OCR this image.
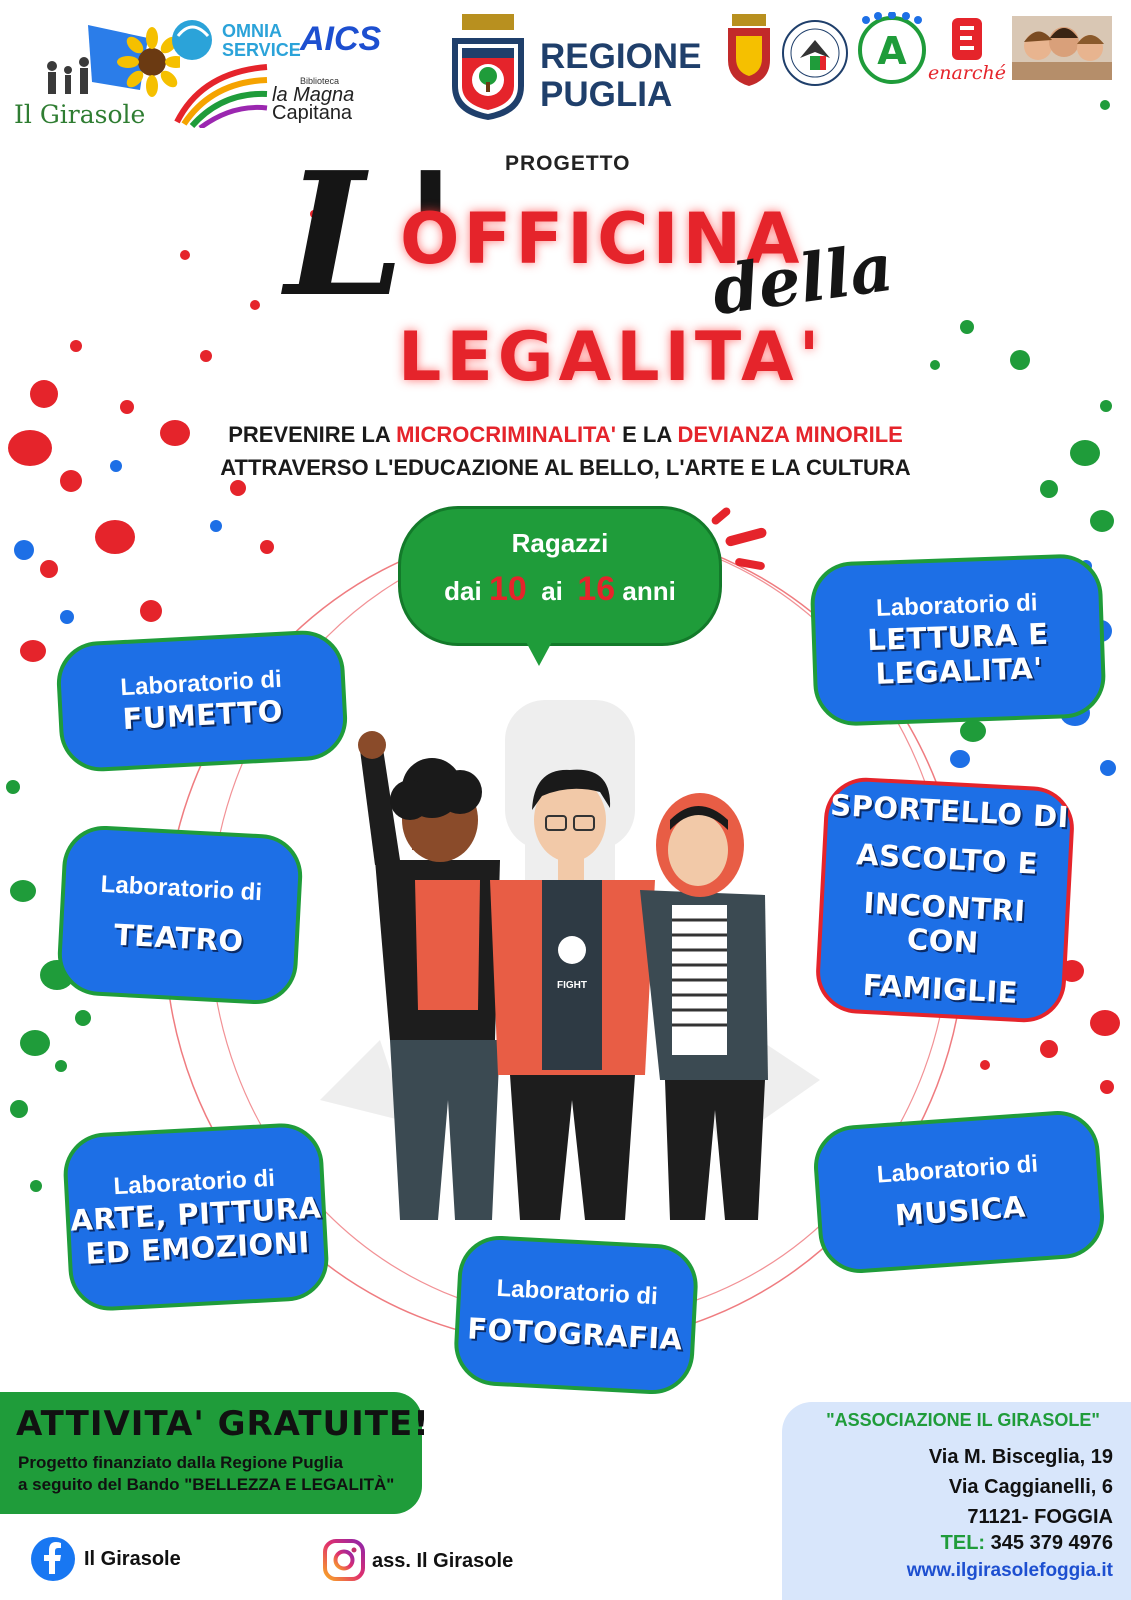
Il Girasole
OMNIA SERVICE AICS
Biblioteca
la Magna
Capitana
REGIONE
PUGLIA
A enarché
PROGETTO
L'
OFFICINA
della
LEGALITA'
PREVENIRE LA MICROCRIMINALITA' E LA DEVIANZA MINORILE
ATTRAVERSO L'EDUCAZIONE AL BELLO, L'ARTE E LA CULTURA
Ragazzi
dai 10 ai 16 anni
FIGHT
Laboratorio di
FUMETTO
Laboratorio di
TEATRO
Laboratorio di
ARTE, PITTURA
ED EMOZIONI
Laboratorio di
FOTOGRAFIA
Laboratorio di
MUSICA
Laboratorio di
LETTURA E
LEGALITA'
SPORTELLO DI
ASCOLTO E
INCONTRI CON
FAMIGLIE
ATTIVITA' GRATUITE!
Progetto finanziato dalla Regione Puglia
a seguito del Bando "BELLEZZA E LEGALITÀ"
"ASSOCIAZIONE IL GIRASOLE"
Via M. Bisceglia, 19
Via Caggianelli, 6
71121- FOGGIA
TEL: 345 379 4976
www.ilgirasolefoggia.it
Il Girasole	ass. Il Girasole
